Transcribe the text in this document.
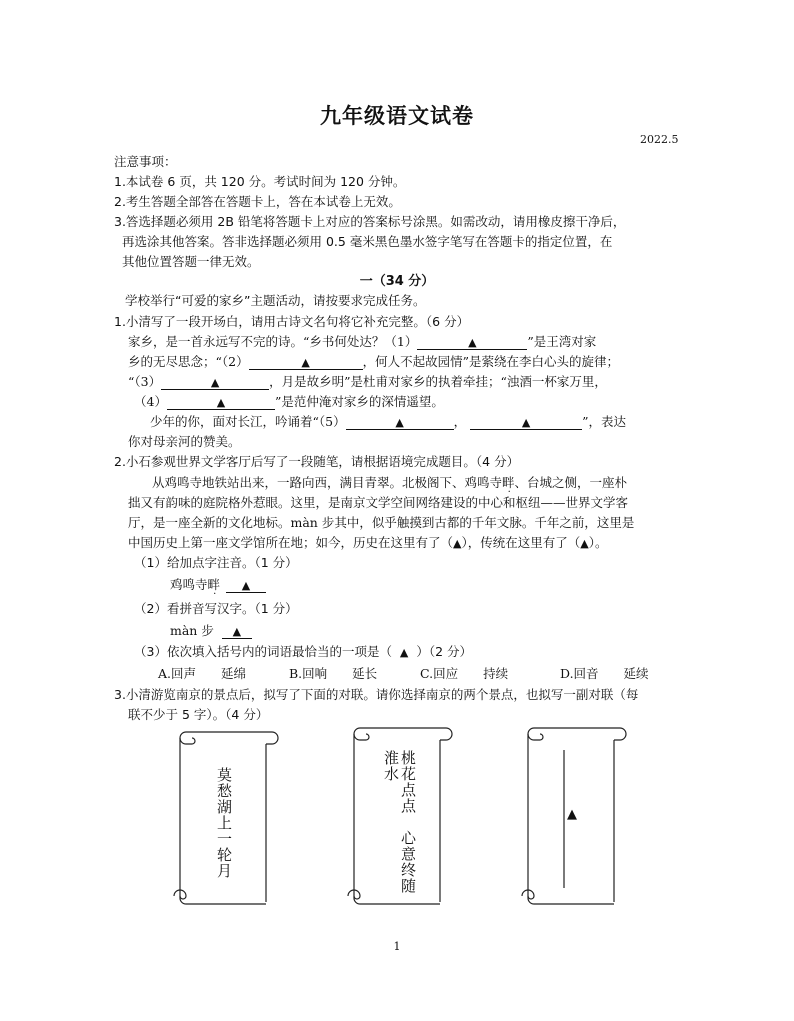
九年级语文试卷
2022.5
注意事项：
1.本试卷 6 页，共 120 分。考试时间为 120 分钟。
2.考生答题全部答在答题卡上，答在本试卷上无效。
3.答选择题必须用 2B 铅笔将答题卡上对应的答案标号涂黑。如需改动，请用橡皮擦干净后，
再选涂其他答案。答非选择题必须用 0.5 毫米黑色墨水签字笔写在答题卡的指定位置，在
其他位置答题一律无效。
一（34 分）
学校举行“可爱的家乡”主题活动，请按要求完成任务。
1.小清写了一段开场白，请用古诗文名句将它补充完整。（6 分）
家乡，是一首永远写不完的诗。“乡书何处达？（1）	▲	”是王湾对家
乡的无尽思念；“（2）	▲	，何人不起故园情”是萦绕在李白心头的旋律；
“（3）	▲	，月是故乡明”是杜甫对家乡的执着牵挂；“浊酒一杯家万里，
（4）	▲	”是范仲淹对家乡的深情遥望。
少年的你，面对长江，吟诵着“（5）	▲	，	▲	”，表达
你对母亲河的赞美。
2.小石参观世界文学客厅后写了一段随笔，请根据语境完成题目。（4 分）
从鸡鸣寺地铁站出来，一路向西，满目青翠。北极阁下、鸡鸣寺畔、台城之侧，一座朴
拙又有韵味的庭院格外惹眼。这里，是南京文学空间网络建设的中心和枢纽——世界文学客
厅，是一座全新的文化地标。màn 步其中，似乎触摸到古都的千年文脉。千年之前，这里是
中国历史上第一座文学馆所在地；如今，历史在这里有了（▲），传统在这里有了（▲）。
（1）给加点字注音。（1 分）
鸡鸣寺畔 ▲
（2）看拼音写汉字。（1 分）
màn 步 ▲
（3）依次填入括号内的词语最恰当的一项是（ ▲ ）（2 分）
A.回声　　延绵	B.回响　　延长	C.回应　　持续	D.回音　　延续
3.小清游览南京的景点后，拟写了下面的对联。请你选择南京的两个景点，也拟写一副对联（每
联不少于 5 字）。（4 分）
莫愁湖上一轮月	桃花点点　心意终随淮水
▲
1
